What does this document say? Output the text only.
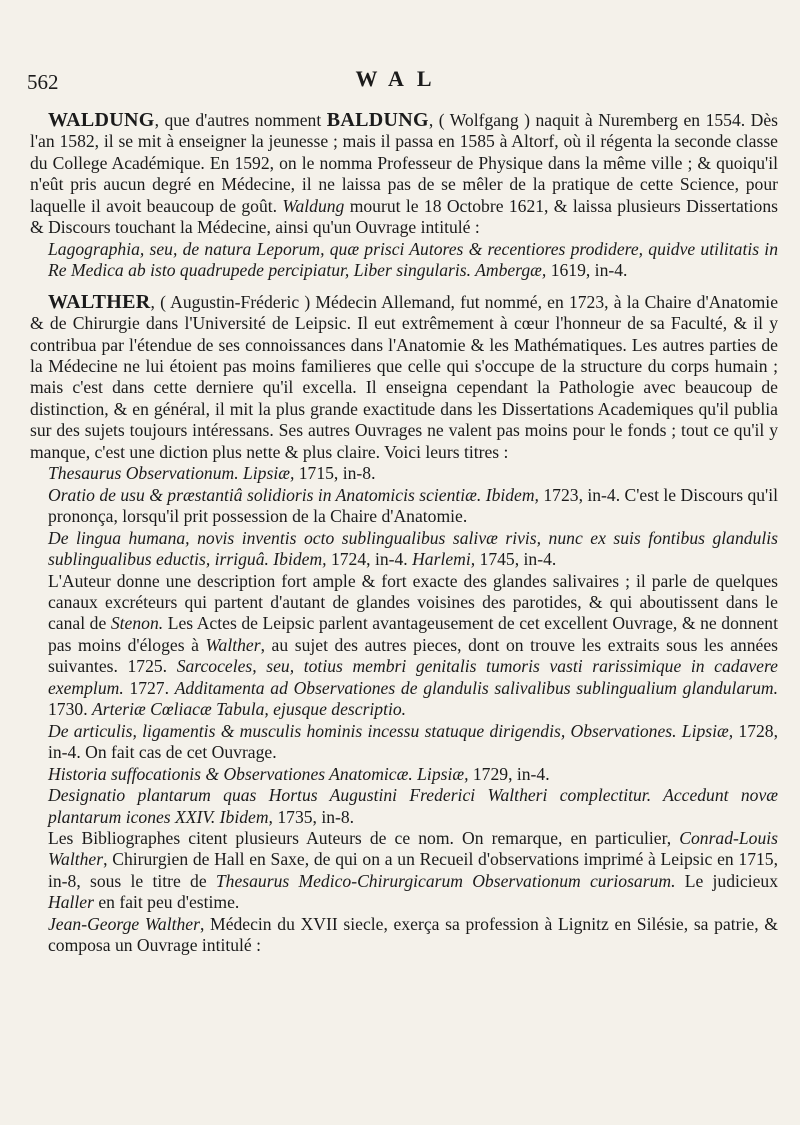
562	WAL

WALDUNG, que d'autres nomment BALDUNG, ( Wolfgang ) naquit à Nuremberg en 1554. Dès l'an 1582, il se mit à enseigner la jeunesse ; mais il passa en 1585 à Altorf, où il régenta la seconde classe du College Académique. En 1592, on le nomma Professeur de Physique dans la même ville ; & quoiqu'il n'eût pris aucun degré en Médecine, il ne laissa pas de se mêler de la pratique de cette Science, pour laquelle il avoit beaucoup de goût. Waldung mourut le 18 Octobre 1621, & laissa plusieurs Dissertations & Discours touchant la Médecine, ainsi qu'un Ouvrage intitulé :

Lagographia, seu, de natura Leporum, quæ prisci Autores & recentiores prodidere, quidve utilitatis in Re Medica ab isto quadrupede percipiatur, Liber singularis. Ambergæ, 1619, in-4.

WALTHER, ( Augustin-Fréderic ) Médecin Allemand, fut nommé, en 1723, à la Chaire d'Anatomie & de Chirurgie dans l'Université de Leipsic. Il eut extrêmement à cœur l'honneur de sa Faculté, & il y contribua par l'étendue de ses connoissances dans l'Anatomie & les Mathématiques. Les autres parties de la Médecine ne lui étoient pas moins familieres que celle qui s'occupe de la structure du corps humain ; mais c'est dans cette derniere qu'il excella. Il enseigna cependant la Pathologie avec beaucoup de distinction, & en général, il mit la plus grande exactitude dans les Dissertations Academiques qu'il publia sur des sujets toujours intéressans. Ses autres Ouvrages ne valent pas moins pour le fonds ; tout ce qu'il y manque, c'est une diction plus nette & plus claire. Voici leurs titres :

Thesaurus Observationum. Lipsiæ, 1715, in-8.

Oratio de usu & præstantiâ solidioris in Anatomicis scientiæ. Ibidem, 1723, in-4. C'est le Discours qu'il prononça, lorsqu'il prit possession de la Chaire d'Anatomie.

De lingua humana, novis inventis octo sublingualibus salivæ rivis, nunc ex suis fontibus glandulis sublingualibus eductis, irriguâ. Ibidem, 1724, in-4. Harlemi, 1745, in-4.

L'Auteur donne une description fort ample & fort exacte des glandes salivaires ; il parle de quelques canaux excréteurs qui partent d'autant de glandes voisines des parotides, & qui aboutissent dans le canal de Stenon. Les Actes de Leipsic parlent avantageusement de cet excellent Ouvrage, & ne donnent pas moins d'éloges à Walther, au sujet des autres pieces, dont on trouve les extraits sous les années suivantes. 1725. Sarcoceles, seu, totius membri genitalis tumoris vasti rarissimique in cadavere exemplum. 1727. Additamenta ad Observationes de glandulis salivalibus sublingualium glandularum. 1730. Arteriæ Cœliacæ Tabula, ejusque descriptio.

De articulis, ligamentis & musculis hominis incessu statuque dirigendis, Observationes. Lipsiæ, 1728, in-4. On fait cas de cet Ouvrage.

Historia suffocationis & Observationes Anatomicæ. Lipsiæ, 1729, in-4.

Designatio plantarum quas Hortus Augustini Frederici Waltheri complectitur. Accedunt novæ plantarum icones XXIV. Ibidem, 1735, in-8.

Les Bibliographes citent plusieurs Auteurs de ce nom. On remarque, en particulier, Conrad-Louis Walther, Chirurgien de Hall en Saxe, de qui on a un Recueil d'observations imprimé à Leipsic en 1715, in-8, sous le titre de Thesaurus Medico-Chirurgicarum Observationum curiosarum. Le judicieux Haller en fait peu d'estime.

Jean-George Walther, Médecin du XVII siecle, exerça sa profession à Lignitz en Silésie, sa patrie, & composa un Ouvrage intitulé :
